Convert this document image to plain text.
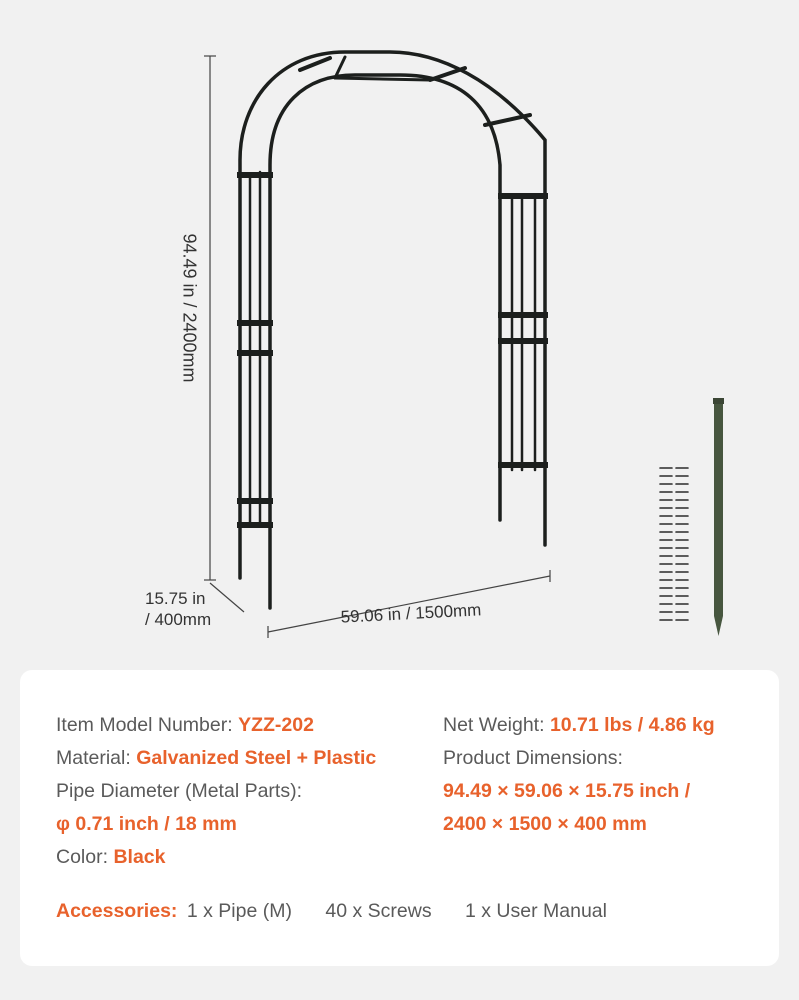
94.49 in / 2400mm
15.75 in
/ 400mm	59.06 in / 1500mm
Item Model Number: YZZ-202
Material: Galvanized Steel + Plastic
Pipe Diameter (Metal Parts):
φ 0.71 inch / 18 mm
Color: Black
Net Weight: 10.71 lbs / 4.86 kg
Product Dimensions:
94.49 × 59.06 × 15.75 inch /
2400 × 1500 × 400 mm
Accessories: 1 x Pipe (M) 40 x Screws 1 x User Manual
